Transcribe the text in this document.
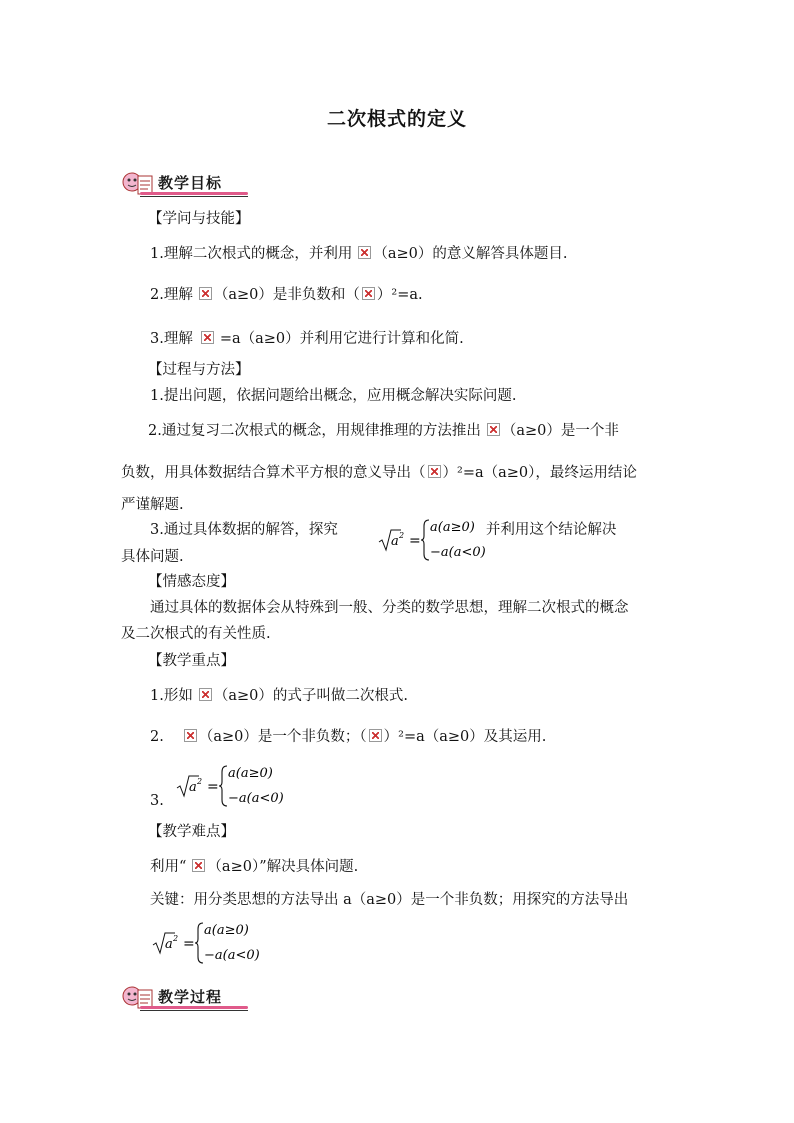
二次根式的定义
教学目标
【学问与技能】
1.理解二次根式的概念，并利用 （a≥0）的意义解答具体题目.
2.理解 （a≥0）是非负数和（ ）²=a.
3.理解 =a（a≥0）并利用它进行计算和化简.
【过程与方法】
1.提出问题，依据问题给出概念，应用概念解决实际问题.
2.通过复习二次根式的概念，用规律推理的方法推出 （a≥0）是一个非
负数，用具体数据结合算术平方根的意义导出（ ）²=a（a≥0），最终运用结论
严谨解题.
3.通过具体数据的解答，探究	并利用这个结论解决
a 2 =
a(a≥0)
−a(a<0)
具体问题.
【情感态度】
通过具体的数据体会从特殊到一般、分类的数学思想，理解二次根式的概念
及二次根式的有关性质.
【教学重点】
1.形如 （a≥0）的式子叫做二次根式.
2. （a≥0）是一个非负数；（ ）²=a（a≥0）及其运用.
3.
a 2 =
a(a≥0)
−a(a<0)
【教学难点】
利用“ （a≥0）”解决具体问题.
关键：用分类思想的方法导出 a（a≥0）是一个非负数；用探究的方法导出
a 2 =
a(a≥0)
−a(a<0)
教学过程
